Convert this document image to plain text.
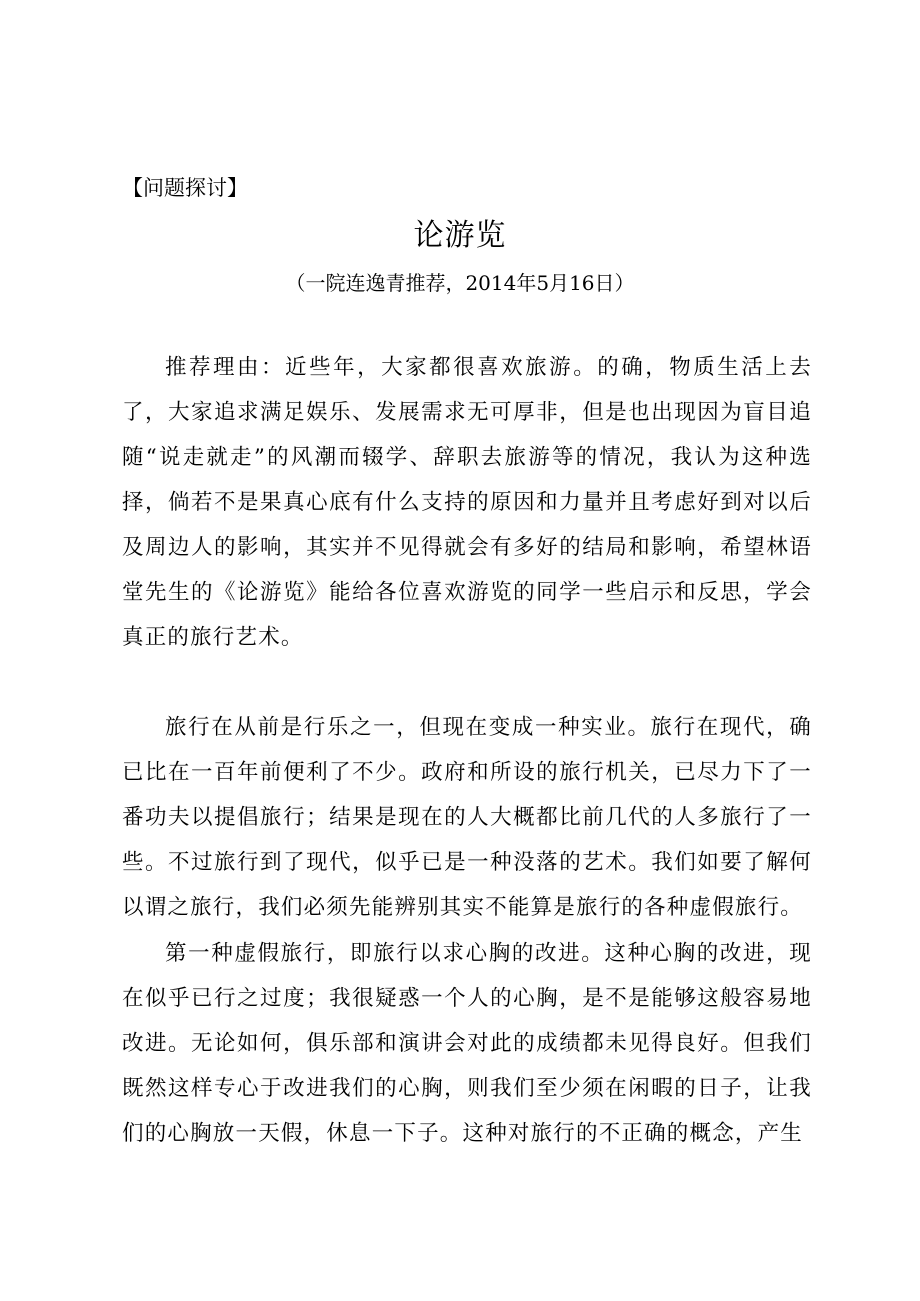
【问题探讨】
论游览
（一院连逸青推荐，2014年5月16日）

推荐理由：近些年，大家都很喜欢旅游。的确，物质生活上去了，大家追求满足娱乐、发展需求无可厚非，但是也出现因为盲目追随“说走就走”的风潮而辍学、辞职去旅游等的情况，我认为这种选择，倘若不是果真心底有什么支持的原因和力量并且考虑好到对以后及周边人的影响，其实并不见得就会有多好的结局和影响，希望林语堂先生的《论游览》能给各位喜欢游览的同学一些启示和反思，学会真正的旅行艺术。

旅行在从前是行乐之一，但现在变成一种实业。旅行在现代，确已比在一百年前便利了不少。政府和所设的旅行机关，已尽力下了一番功夫以提倡旅行；结果是现在的人大概都比前几代的人多旅行了一些。不过旅行到了现代，似乎已是一种没落的艺术。我们如要了解何以谓之旅行，我们必须先能辨别其实不能算是旅行的各种虚假旅行。

第一种虚假旅行，即旅行以求心胸的改进。这种心胸的改进，现在似乎已行之过度；我很疑惑一个人的心胸，是不是能够这般容易地改进。无论如何，俱乐部和演讲会对此的成绩都未见得良好。但我们既然这样专心于改进我们的心胸，则我们至少须在闲暇的日子，让我们的心胸放一天假，休息一下子。这种对旅行的不正确的概念，产生
